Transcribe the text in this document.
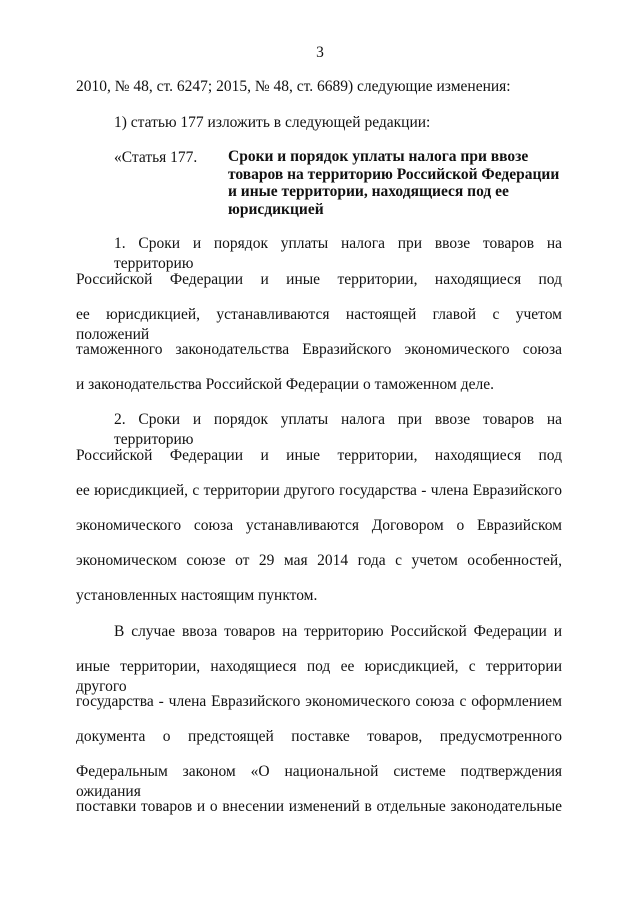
3
2010, № 48, ст. 6247; 2015, № 48, ст. 6689) следующие изменения:
1) статью 177 изложить в следующей редакции:
«Статья 177. Сроки и порядок уплаты налога при ввозе
товаров на территорию Российской Федерации
и иные территории, находящиеся под ее
юрисдикцией
1. Сроки и порядок уплаты налога при ввозе товаров на территорию
Российской Федерации и иные территории, находящиеся под
ее юрисдикцией, устанавливаются настоящей главой с учетом положений
таможенного законодательства Евразийского экономического союза
и законодательства Российской Федерации о таможенном деле.
2. Сроки и порядок уплаты налога при ввозе товаров на территорию
Российской Федерации и иные территории, находящиеся под
ее юрисдикцией, с территории другого государства - члена Евразийского
экономического союза устанавливаются Договором о Евразийском
экономическом союзе от 29 мая 2014 года с учетом особенностей,
установленных настоящим пунктом.
В случае ввоза товаров на территорию Российской Федерации и
иные территории, находящиеся под ее юрисдикцией, с территории другого
государства - члена Евразийского экономического союза с оформлением
документа о предстоящей поставке товаров, предусмотренного
Федеральным законом «О национальной системе подтверждения ожидания
поставки товаров и о внесении изменений в отдельные законодательные
